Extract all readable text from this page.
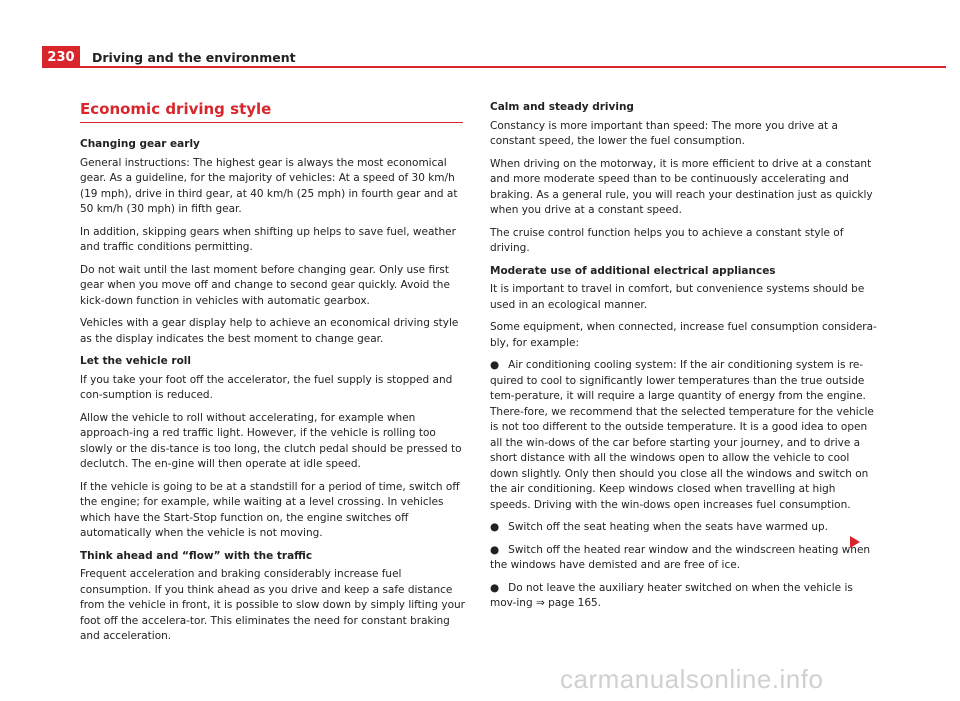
230	Driving and the environment
Economic driving style
Changing gear early

General instructions: The highest gear is always the most economical gear. As a guideline, for the majority of vehicles: At a speed of 30 km/h (19 mph), drive in third gear, at 40 km/h (25 mph) in fourth gear and at 50 km/h (30 mph) in fifth gear.

In addition, skipping gears when shifting up helps to save fuel, weather and traffic conditions permitting.

Do not wait until the last moment before changing gear. Only use first gear when you move off and change to second gear quickly. Avoid the kick-down function in vehicles with automatic gearbox.

Vehicles with a gear display help to achieve an economical driving style as the display indicates the best moment to change gear.

Let the vehicle roll

If you take your foot off the accelerator, the fuel supply is stopped and con-sumption is reduced.

Allow the vehicle to roll without accelerating, for example when approach-ing a red traffic light. However, if the vehicle is rolling too slowly or the dis-tance is too long, the clutch pedal should be pressed to declutch. The en-gine will then operate at idle speed.

If the vehicle is going to be at a standstill for a period of time, switch off the engine; for example, while waiting at a level crossing. In vehicles which have the Start-Stop function on, the engine switches off automatically when the vehicle is not moving.

Think ahead and “flow” with the traffic

Frequent acceleration and braking considerably increase fuel consumption. If you think ahead as you drive and keep a safe distance from the vehicle in front, it is possible to slow down by simply lifting your foot off the accelera-tor. This eliminates the need for constant braking and acceleration.

Calm and steady driving

Constancy is more important than speed: The more you drive at a constant speed, the lower the fuel consumption.

When driving on the motorway, it is more efficient to drive at a constant and more moderate speed than to be continuously accelerating and braking. As a general rule, you will reach your destination just as quickly when you drive at a constant speed.

The cruise control function helps you to achieve a constant style of driving.

Moderate use of additional electrical appliances

It is important to travel in comfort, but convenience systems should be used in an ecological manner.

Some equipment, when connected, increase fuel consumption considera-bly, for example:

● Air conditioning cooling system: If the air conditioning system is re-quired to cool to significantly lower temperatures than the true outside tem-perature, it will require a large quantity of energy from the engine. There-fore, we recommend that the selected temperature for the vehicle is not too different to the outside temperature. It is a good idea to open all the win-dows of the car before starting your journey, and to drive a short distance with all the windows open to allow the vehicle to cool down slightly. Only then should you close all the windows and switch on the air conditioning. Keep windows closed when travelling at high speeds. Driving with the win-dows open increases fuel consumption.
● Switch off the seat heating when the seats have warmed up.
● Switch off the heated rear window and the windscreen heating when the windows have demisted and are free of ice.
● Do not leave the auxiliary heater switched on when the vehicle is mov-ing ⇒ page 165.
carmanualsonline.info
